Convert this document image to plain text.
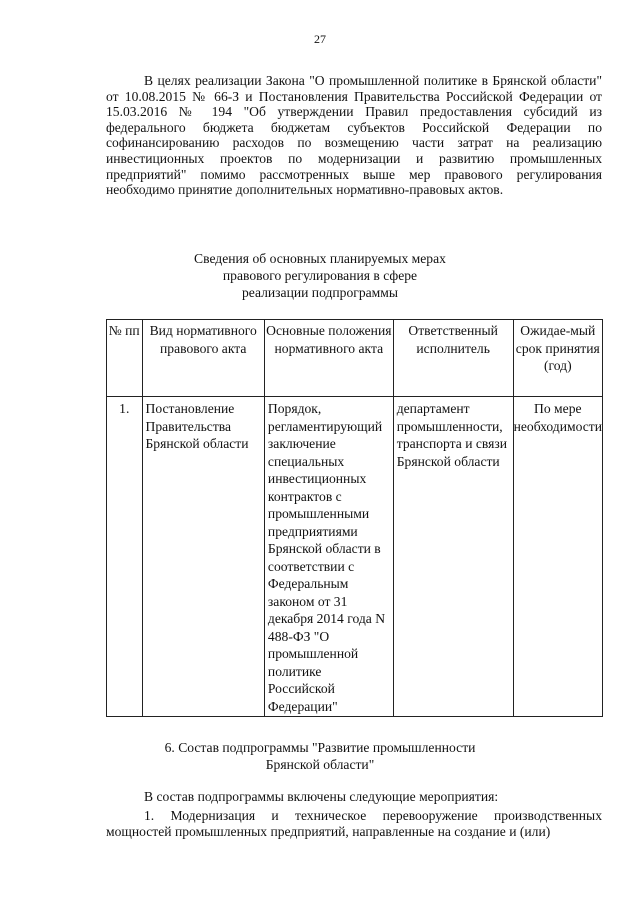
27

В целях реализации Закона "О промышленной политике в Брянской области" от 10.08.2015 № 66-З и Постановления Правительства Российской Федерации от 15.03.2016 № 194 "Об утверждении Правил предоставления субсидий из федерального бюджета бюджетам субъектов Российской Федерации по софинансированию расходов по возмещению части затрат на реализацию инвестиционных проектов по модернизации и развитию промышленных предприятий" помимо рассмотренных выше мер правового регулирования необходимо принятие дополнительных нормативно-правовых актов.

Сведения об основных планируемых мерах
правового регулирования в сфере
реализации подпрограммы
№ пп	Вид нормативного правового акта	Основные положения нормативного акта	Ответственный исполнитель	Ожидае-мый срок принятия (год)
1.	Постановление Правительства Брянской области	Порядок, регламентирующий заключение специальных инвестиционных контрактов с промышленными предприятиями Брянской области в соответствии с Федеральным законом от 31 декабря 2014 года N 488-ФЗ "О промышленной политике Российской Федерации"	департамент промышленности, транспорта и связи Брянской области	По мере необходимости
6. Состав подпрограммы "Развитие промышленности
Брянской области"

В состав подпрограммы включены следующие мероприятия:

1. Модернизация и техническое перевооружение производственных мощностей промышленных предприятий, направленные на создание и (или)
